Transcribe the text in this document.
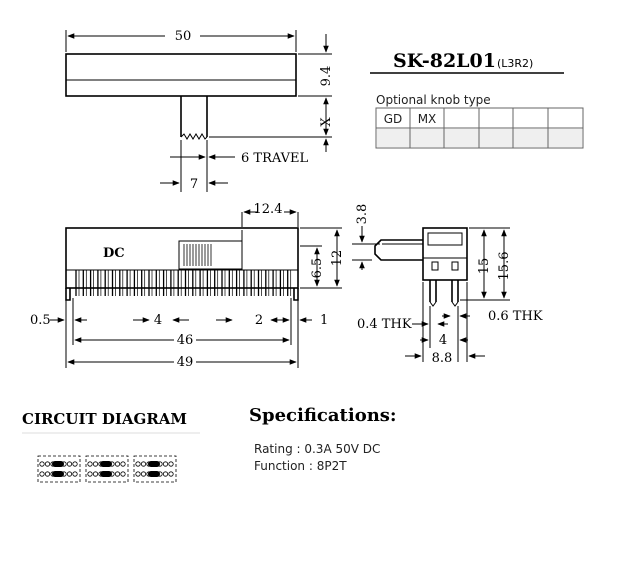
50
9.4
X
6 TRAVEL
7
SK-82L01 (L3R2)
Optional knob type
GD MX
DC
12.4
6.5 12
0.5	4	2	1
46
49
3.8
15 15.6
0.4 THK
0.6 THK
4
8.8
CIRCUIT DIAGRAM	Specifications:
Rating : 0.3A 50V DC
Function : 8P2T
